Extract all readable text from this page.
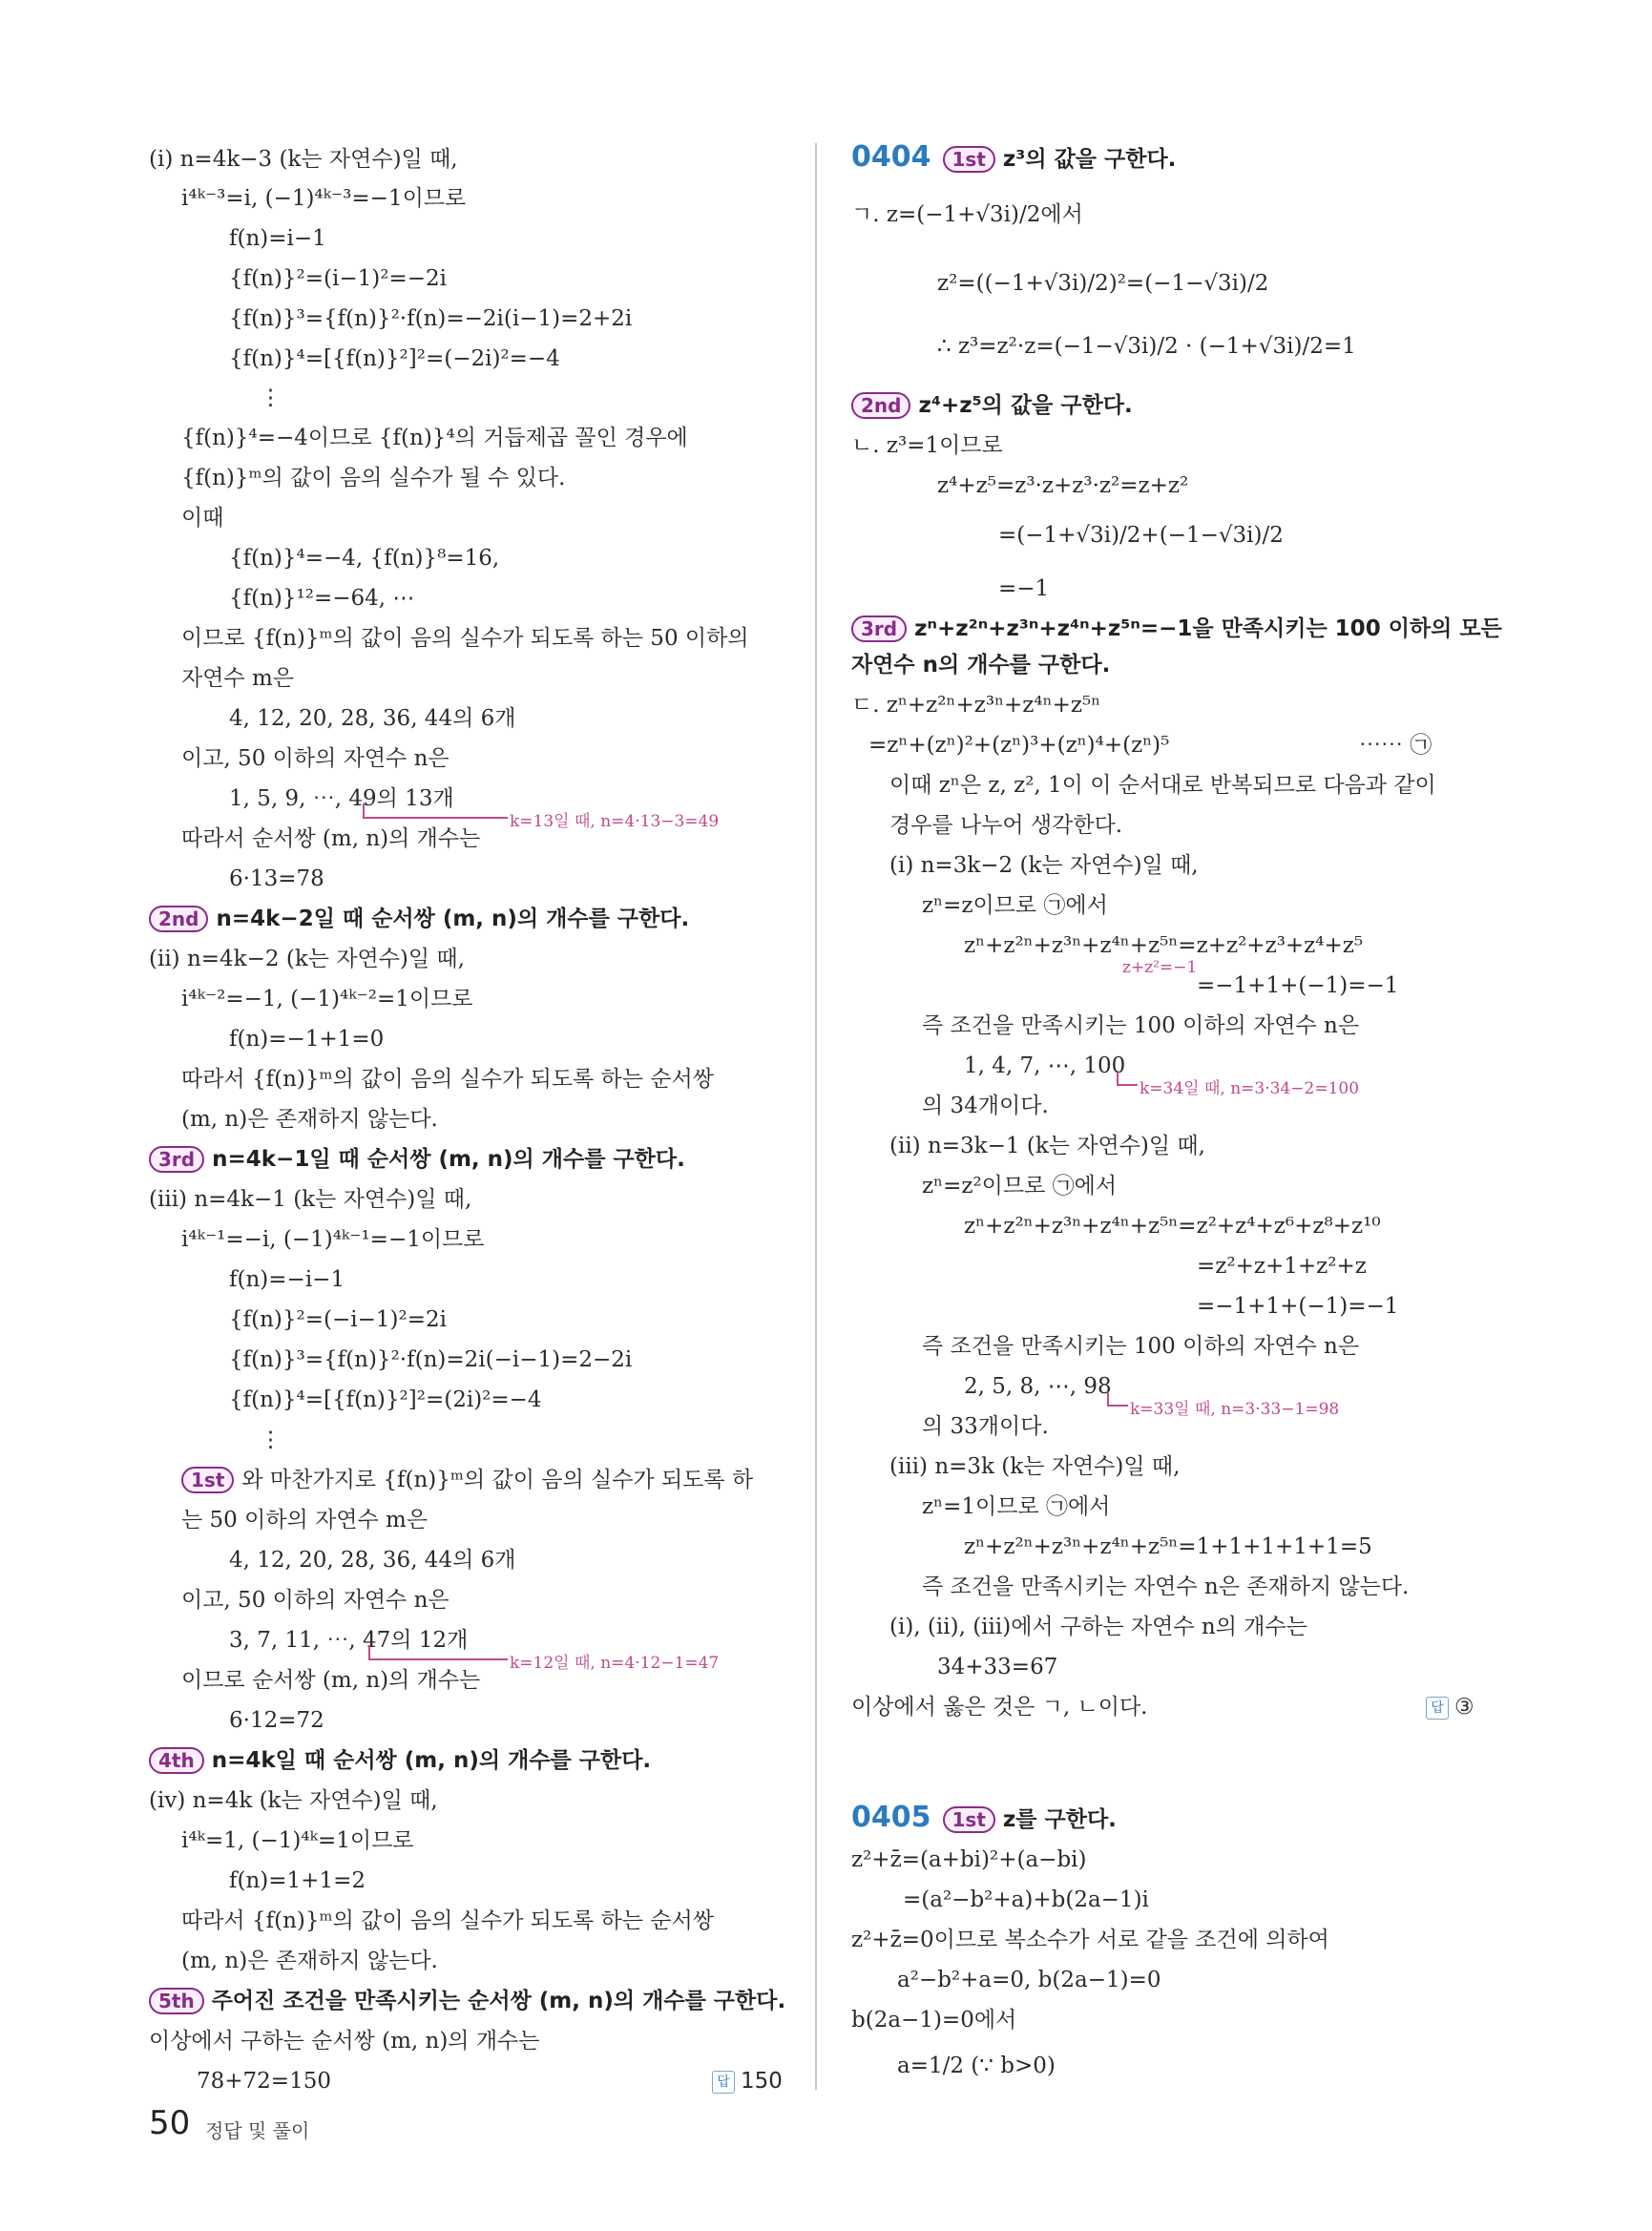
(ⅰ) n=4k−3 (k는 자연수)일 때,
i⁴ᵏ⁻³=i, (−1)⁴ᵏ⁻³=−1이므로
f(n)=i−1
{f(n)}²=(i−1)²=−2i
{f(n)}³={f(n)}²·f(n)=−2i(i−1)=2+2i
{f(n)}⁴=[{f(n)}²]²=(−2i)²=−4
⋮
{f(n)}⁴=−4이므로 {f(n)}⁴의 거듭제곱 꼴인 경우에
{f(n)}ᵐ의 값이 음의 실수가 될 수 있다.
이때
{f(n)}⁴=−4, {f(n)}⁸=16,
{f(n)}¹²=−64, ⋯
이므로 {f(n)}ᵐ의 값이 음의 실수가 되도록 하는 50 이하의
자연수 m은
4, 12, 20, 28, 36, 44의 6개
이고, 50 이하의 자연수 n은
1, 5, 9, ⋯, 49의 13개
k=13일 때, n=4·13−3=49
따라서 순서쌍 (m, n)의 개수는
6·13=78
2nd n=4k−2일 때 순서쌍 (m, n)의 개수를 구한다.
(ⅱ) n=4k−2 (k는 자연수)일 때,
i⁴ᵏ⁻²=−1, (−1)⁴ᵏ⁻²=1이므로
f(n)=−1+1=0
따라서 {f(n)}ᵐ의 값이 음의 실수가 되도록 하는 순서쌍
(m, n)은 존재하지 않는다.
3rd n=4k−1일 때 순서쌍 (m, n)의 개수를 구한다.
(ⅲ) n=4k−1 (k는 자연수)일 때,
i⁴ᵏ⁻¹=−i, (−1)⁴ᵏ⁻¹=−1이므로
f(n)=−i−1
{f(n)}²=(−i−1)²=2i
{f(n)}³={f(n)}²·f(n)=2i(−i−1)=2−2i
{f(n)}⁴=[{f(n)}²]²=(2i)²=−4
⋮
1st 와 마찬가지로 {f(n)}ᵐ의 값이 음의 실수가 되도록 하
는 50 이하의 자연수 m은
4, 12, 20, 28, 36, 44의 6개
이고, 50 이하의 자연수 n은
3, 7, 11, ⋯, 47의 12개
k=12일 때, n=4·12−1=47
이므로 순서쌍 (m, n)의 개수는
6·12=72
4th n=4k일 때 순서쌍 (m, n)의 개수를 구한다.
(ⅳ) n=4k (k는 자연수)일 때,
i⁴ᵏ=1, (−1)⁴ᵏ=1이므로
f(n)=1+1=2
따라서 {f(n)}ᵐ의 값이 음의 실수가 되도록 하는 순서쌍
(m, n)은 존재하지 않는다.
5th 주어진 조건을 만족시키는 순서쌍 (m, n)의 개수를 구한다.
이상에서 구하는 순서쌍 (m, n)의 개수는
78+72=150	답 150
0404 1st z³의 값을 구한다.
ㄱ. z=(−1+√3i)/2에서
z²=((−1+√3i)/2)²=(−1−√3i)/2
∴ z³=z²·z=(−1−√3i)/2 · (−1+√3i)/2=1
2nd z⁴+z⁵의 값을 구한다.
ㄴ. z³=1이므로
z⁴+z⁵=z³·z+z³·z²=z+z²
=(−1+√3i)/2+(−1−√3i)/2
=−1
3rd zⁿ+z²ⁿ+z³ⁿ+z⁴ⁿ+z⁵ⁿ=−1을 만족시키는 100 이하의 모든
자연수 n의 개수를 구한다.
ㄷ. zⁿ+z²ⁿ+z³ⁿ+z⁴ⁿ+z⁵ⁿ
=zⁿ+(zⁿ)²+(zⁿ)³+(zⁿ)⁴+(zⁿ)⁵	⋯⋯ ㉠
이때 zⁿ은 z, z², 1이 이 순서대로 반복되므로 다음과 같이
경우를 나누어 생각한다.
(ⅰ) n=3k−2 (k는 자연수)일 때,
zⁿ=z이므로 ㉠에서
zⁿ+z²ⁿ+z³ⁿ+z⁴ⁿ+z⁵ⁿ=z+z²+z³+z⁴+z⁵
z+z²=−1
=−1+1+(−1)=−1
즉 조건을 만족시키는 100 이하의 자연수 n은
1, 4, 7, ⋯, 100
k=34일 때, n=3·34−2=100
의 34개이다.
(ⅱ) n=3k−1 (k는 자연수)일 때,
zⁿ=z²이므로 ㉠에서
zⁿ+z²ⁿ+z³ⁿ+z⁴ⁿ+z⁵ⁿ=z²+z⁴+z⁶+z⁸+z¹⁰
=z²+z+1+z²+z
=−1+1+(−1)=−1
즉 조건을 만족시키는 100 이하의 자연수 n은
2, 5, 8, ⋯, 98
k=33일 때, n=3·33−1=98
의 33개이다.
(ⅲ) n=3k (k는 자연수)일 때,
zⁿ=1이므로 ㉠에서
zⁿ+z²ⁿ+z³ⁿ+z⁴ⁿ+z⁵ⁿ=1+1+1+1+1=5
즉 조건을 만족시키는 자연수 n은 존재하지 않는다.
(ⅰ), (ⅱ), (ⅲ)에서 구하는 자연수 n의 개수는
34+33=67
이상에서 옳은 것은 ㄱ, ㄴ이다.	답 ③
0405 1st z를 구한다.
z²+z̄=(a+bi)²+(a−bi)
=(a²−b²+a)+b(2a−1)i
z²+z̄=0이므로 복소수가 서로 같을 조건에 의하여
a²−b²+a=0, b(2a−1)=0
b(2a−1)=0에서
a=1/2 (∵ b>0)
50 정답 및 풀이
